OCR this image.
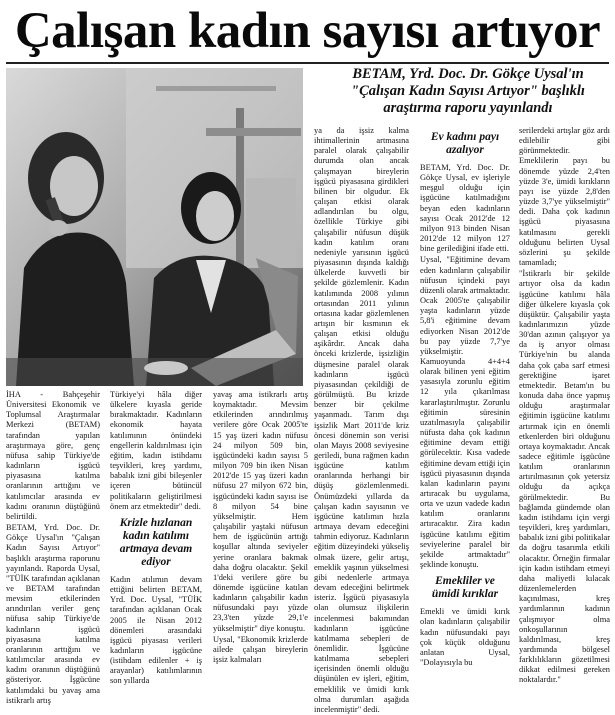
Çalışan kadın sayısı artıyor
BETAM, Yrd. Doc. Dr. Gökçe Uysal'ın "Çalışan Kadın Sayısı Artıyor" başlıklı araştırma raporu yayınlandı

İHA - Bahçeşehir Üniversitesi Ekonomik ve Toplumsal Araştırmalar Merkezi (BETAM) tarafından yapılan araştırmaya göre, genç nüfusa sahip Türkiye'de kadınların işgücü piyasasına katılma oranlarının arttığını ve katılımcılar arasında ev kadını oranının düştüğünü belirtildi.

BETAM, Yrd. Doc. Dr. Gökçe Uysal'ın "Çalışan Kadın Sayısı Artıyor" başlıklı araştırma raporunu yayınlandı. Raporda Uysal, "TÜİK tarafından açıklanan ve BETAM tarafından mevsim etkilerinden arındırılan veriler genç nüfusa sahip Türkiye'de kadınların işgücü piyasasına katılma oranlarının arttığını ve katılımcılar arasında ev kadını oranının düştüğünü gösteriyor. İşgücüne katılımdaki bu yavaş ama istikrarlı artış

Türkiye'yi hâla diğer ülkelere kıyasla geride bırakmaktadır. Kadınların ekonomik hayata katılımının önündeki engellerin kaldırılması için eğitim, kadın istihdamı teşvikleri, kreş yardımı, babalık izni gibi bileşenler içeren bütüncül politikaların geliştirilmesi önem arz etmektedir" dedi.

Krizle hızlanan kadın katılımı artmaya devam ediyor

Kadın atılımın devam ettiğini belirten BETAM, Yrd. Doc. Uysal, "TÜİK tarafından açıklanan Ocak 2005 ile Nisan 2012 dönemleri arasındaki işgücü piyasası verileri kadınların işgücüne (istihdam edilenler + iş arayanlar) katılımlarının son yıllarda

yavaş ama istikrarlı artış koymaktadır. Mevsim etkilerinden arındırılmış verilere göre Ocak 2005'te 15 yaş üzeri kadın nüfusu 24 milyon 509 bin, işgücündeki kadın sayısı 5 milyon 709 bin iken Nisan 2012'de 15 yaş üzeri kadın nüfusu 27 milyon 672 bin, işgücündeki kadın sayısı ise 8 milyon 54 bine yükselmiştir. Hem çalışabilir yaştaki nüfusun hem de işgücünün arttığı koşullar altında seviyeler yerine oranlara bakmak daha doğru olacaktır. Şekil 1'deki verilere göre bu dönemde işgücüne katılan kadınların çalışabilir kadın nüfusundaki payı yüzde 23,3'ten yüzde 29,1'e yükselmiştir" diye konuştu.

Uysal, "Ekonomik krizlerde ailede çalışan bireylerin işsiz kalmaları

ya da işsiz kalma ihtimallerinin artmasına paralel olarak çalışabilir durumda olan ancak çalışmayan bireylerin işgücü piyasasına girdikleri bilinen bir olgudur. Ek çalışan etkisi olarak adlandırılan bu olgu, özellikle Türkiye gibi çalışabilir nüfusun düşük kadın katılım oranı nedeniyle yarısının işgücü piyasasının dışında kaldığı ülkelerde kuvvetli bir şekilde gözlemlenir. Kadın katılımında 2008 yılının ortasından 2011 yılının ortasına kadar gözlemlenen artışın bir kısmının ek çalışan etkisi olduğu aşikârdır. Ancak daha önceki krizlerde, işsizliğin düşmesine paralel olarak kadınların işgücü piyasasından çekildiği de görülmüştü. Bu krizde benzer bir çekilme yaşanmadı. Tarım dışı işsizlik Mart 2011'de kriz öncesi dönemin son verisi olan Mayıs 2008 seviyesine geriledi, buna rağmen kadın işgücüne katılım oranlarında herhangi bir düşüş gözlemlenmedi. Önümüzdeki yıllarda da çalışan kadın sayısının ve işgücüne katılımın hızla artmaya devam edeceğini tahmin ediyoruz. Kadınların eğitim düzeyindeki yükseliş olmak üzere, gelir artışı, emeklik yaşının yükselmesi gibi nedenlerle artmaya devam edeceğini belirtmek isteriz. İşgücü piyasasıyla olan olumsuz ilişkilerin incelenmesi bakımından kadınların işgücüne katılmama sebepleri de önemlidir. İşgücüne katılmama sebepleri içerisinden önemli olduğu düşünülen ev işleri, eğitim, emeklilik ve ümidi kırık olma durumları aşağıda incelenmiştir" dedi.

Ev kadını payı azalıyor

BETAM, Yrd. Doc. Dr. Gökçe Uysal, ev işleriyle meşgul olduğu için işgücüne katılmadığını beyan eden kadınların sayısı Ocak 2012'de 12 milyon 913 binden Nisan 2012'de 12 milyon 127 bine gerilediğini ifade etti.

Uysal, "Eğitimine devam eden kadınların çalışabilir nüfusun içindeki payı düzenli olarak artmaktadır. Ocak 2005'te çalışabilir yaşta kadınların yüzde 5,8'i eğitimine devam ediyorken Nisan 2012'de bu pay yüzde 7,7'ye yükselmiştir. Kamuoyunda 4+4+4 olarak bilinen yeni eğitim yasasıyla zorunlu eğitim 12 yıla çıkarılması kararlaştırılmıştır. Zorunlu eğitimin süresinin uzatılmasıyla çalışabilir nüfusta daha çok kadının eğitimine devam ettiği görülecektir. Kısa vadede eğitimine devam ettiği için işgücü piyasasının dışında kalan kadınların payını artıracak bu uygulama, orta ve uzun vadede kadın katılım oranlarını artıracaktır. Zira kadın işgücüne katılımı eğitim seviyelerine paralel bir şekilde artmaktadır" şeklinde konuştu.

Emekliler ve ümidi kırıklar

Emekli ve ümidi kırık olan kadınların çalışabilir kadın nüfusundaki payı çok küçük olduğunu anlatan Uysal, "Dolayısıyla bu

serilerdeki artışlar göz ardı edilebilir gibi görünmektedir. Emeklilerin payı bu dönemde yüzde 2,4'ten yüzde 3'e, ümidi kırıkların payı ise yüzde 2,8'den yüzde 3,7'ye yükselmiştir" dedi. Daha çok kadının işgücü piyasasına katılmasını gerekli olduğunu belirten Uysal sözlerini şu şekilde tamamladı;

"İstikrarlı bir şekilde artıyor olsa da kadın işgücüne katılımı hâla diğer ülkelere kıyasla çok düşüktür. Çalışabilir yaşta kadınlarımızın yüzde 30'dan azının çalışıyor ya da iş arıyor olması Türkiye'nin bu alanda daha çok çaba sarf etmesi gerektiğine işaret etmektedir. Betam'ın bu konuda daha önce yapmış olduğu araştırmalar eğitimin işgücüne katılımı artırmak için en önemli etkenlerden biri olduğunu ortaya koymaktadır. Ancak sadece eğitimle işgücüne katılım oranlarının artırılmasının çok yetersiz olduğu da açıkça görülmektedir. Bu bağlamda gündemde olan kadın istihdamı için vergi teşvikleri, kreş yardımları, babalık izni gibi politikalar da doğru tasarımla etkili olacaktır. Örneğin firmalar için kadın istihdam etmeyi daha maliyetli kılacak düzenlemelerden kaçınılması, kreş yardımlarının kadının çalışmıyor olma onkoşullarının kaldırılması, kreş yardımında bölgesel farklılıkların gözetilmesi dikkat edilmesi gereken noktalardır."
